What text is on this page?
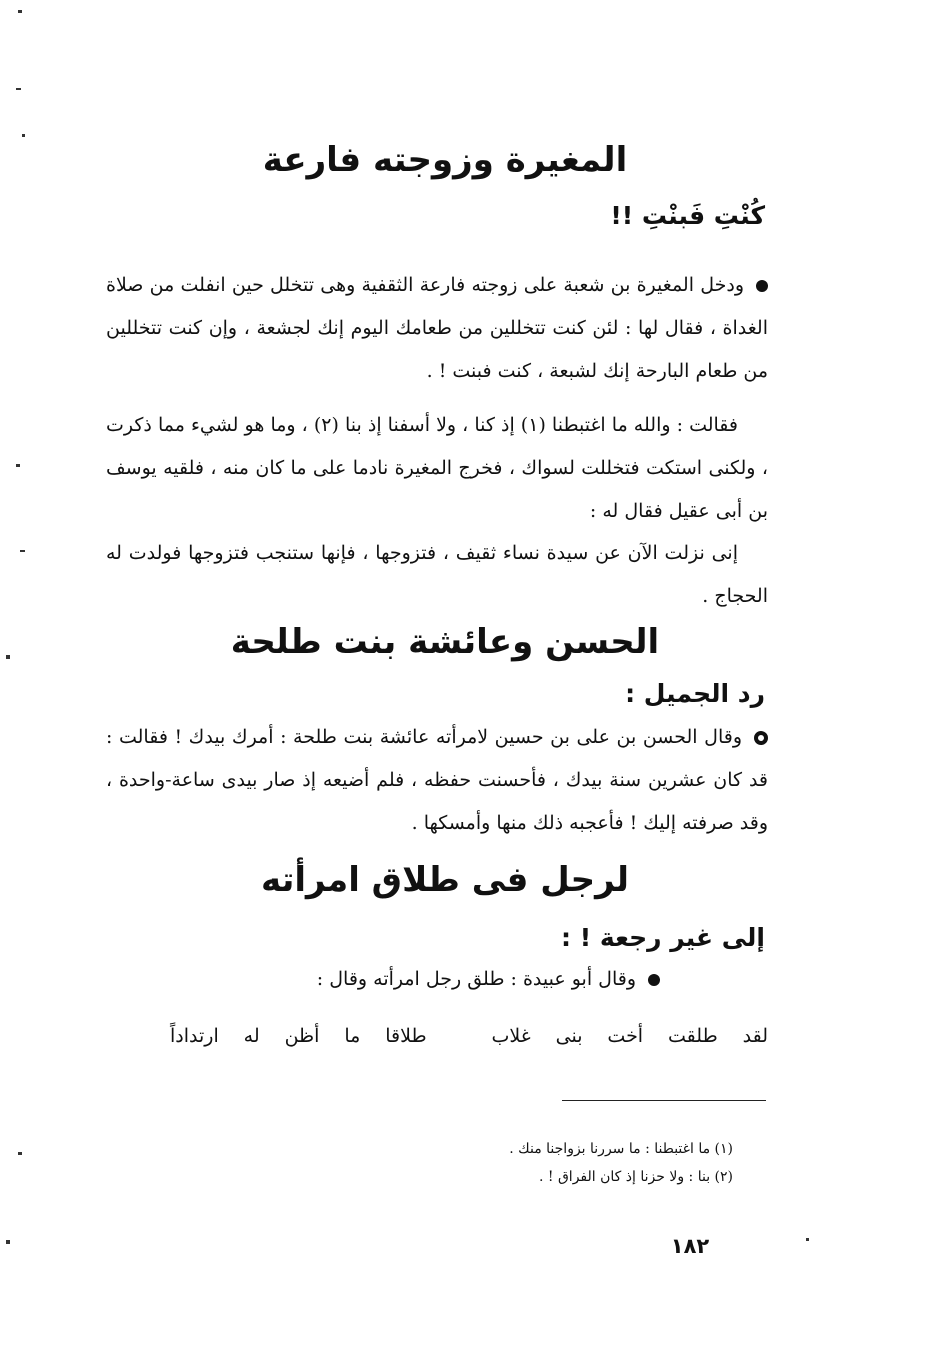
المغيرة وزوجته فارعة
كُنْتِ فَبنْتِ !!
ودخل المغيرة بن شعبة على زوجته فارعة الثقفية وهى تتخلل حين انفلت من صلاة الغداة ، فقال لها : لئن كنت تتخللين من طعامك اليوم إنك لجشعة ، وإن كنت تتخللين من طعام البارحة إنك لشبعة ، كنت فبنت ! .
فقالت : والله ما اغتبطنا (١) إذ كنا ، ولا أسفنا إذ بنا (٢) ، وما هو لشيء مما ذكرت ، ولكنى استكت فتخللت لسواك ، فخرج المغيرة نادما على ما كان منه ، فلقيه يوسف بن أبى عقيل فقال له :
إنى نزلت الآن عن سيدة نساء ثقيف ، فتزوجها ، فإنها ستنجب فتزوجها فولدت له الحجاج .
الحسن وعائشة بنت طلحة
رد الجميل :
وقال الحسن بن على بن حسين لامرأته عائشة بنت طلحة : أمرك بيدك ! فقالت : قد كان عشرين سنة بيدك ، فأحسنت حفظه ، فلم أضيعه إذ صار بيدى ساعة-واحدة ، وقد صرفته إليك ! فأعجبه ذلك منها وأمسكها .
لرجل فى طلاق امرأته
إلى غير رجعة ! :
وقال أبو عبيدة : طلق رجل امرأته وقال :
لقد
طلقت
أخت
بنى
غلاب
طلاقا
ما
أظن
له
ارتداداً
(١) ما اغتبطنا : ما سررنا بزواجنا منك .
(٢) بنا : ولا حزنا إذ كان الفراق ! .
١٨٢
